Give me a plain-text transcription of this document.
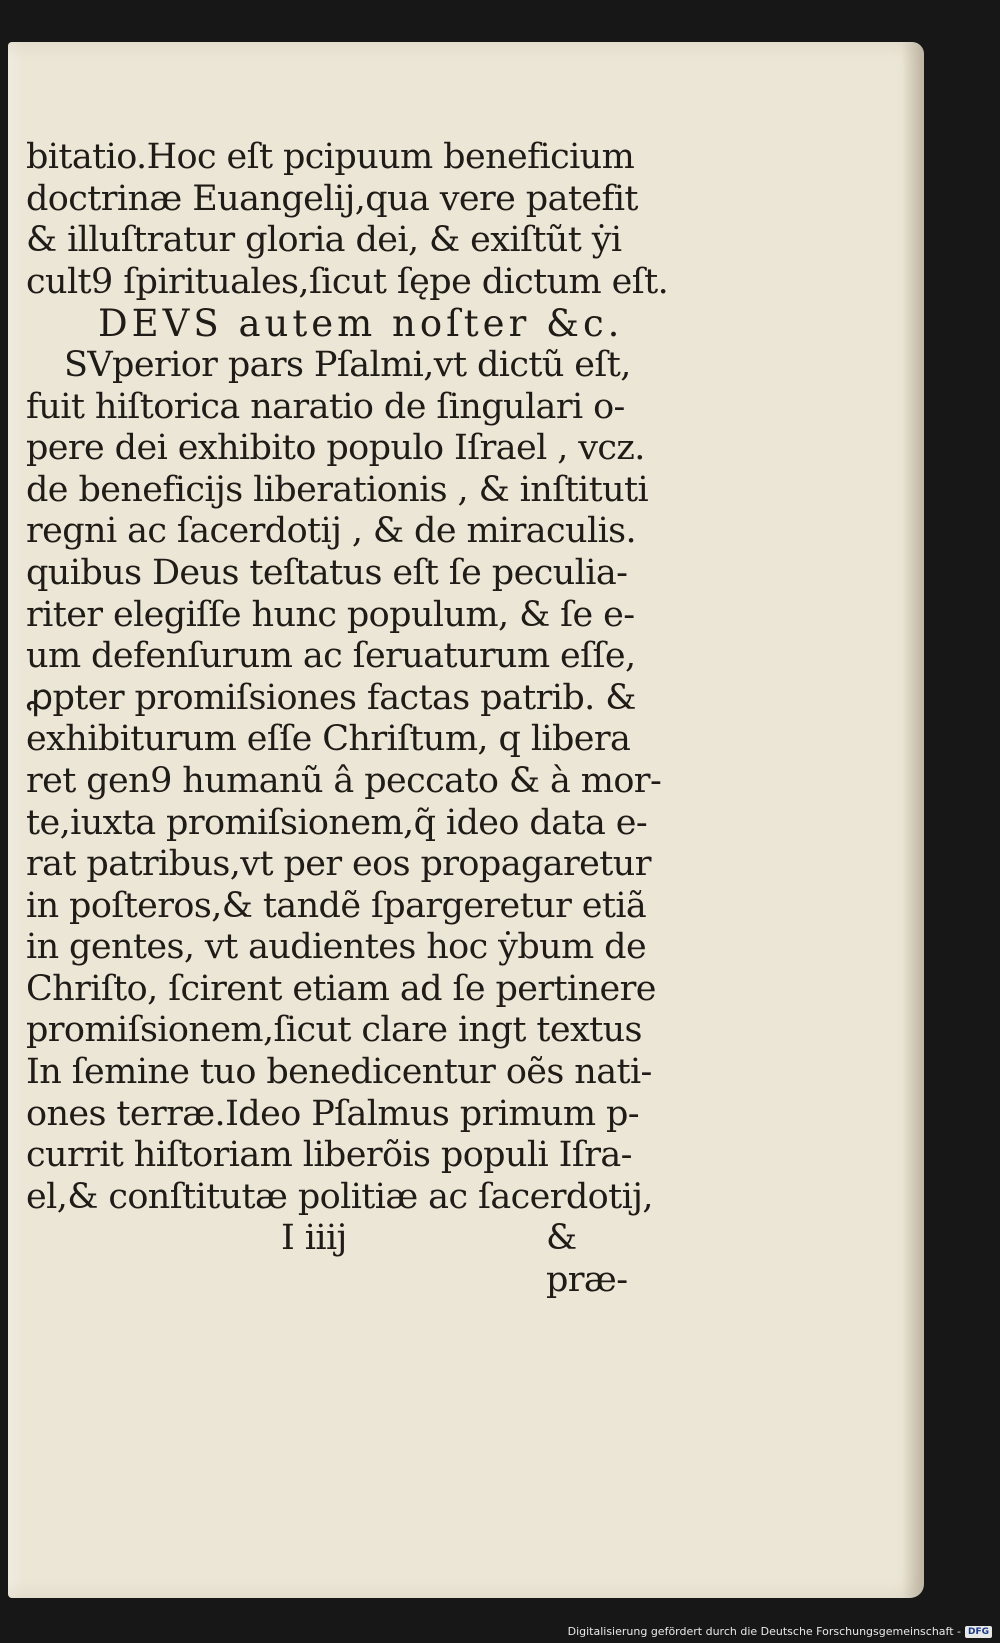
bitatio.Hoc eſt pcipuum beneficium
doctrinæ Euangelij,qua vere patefit
& illuſtratur gloria dei, & exiſtũt ẏi
cult9 ſpirituales,ſicut ſępe dictum eſt.
DEVS autem noſter &c.
SVperior pars Pſalmi,vt dictũ eſt,
fuit hiſtorica naratio de ſingulari o-
pere dei exhibito populo Iſrael , vcz.
de beneficijs liberationis , & inſtituti
regni ac ſacerdotij , & de miraculis.
quibus Deus teſtatus eſt ſe peculia-
riter elegiſſe hunc populum, & ſe e-
um defenſurum ac ſeruaturum eſſe,
ꝓpter promiſsiones factas patrib. &
exhibiturum eſſe Chriſtum, q libera
ret gen9 humanũ â peccato & à mor-
te,iuxta promiſsionem,q̃ ideo data e-
rat patribus,vt per eos propagaretur
in poſteros,& tandẽ ſpargeretur etiã
in gentes, vt audientes hoc ẏbum de
Chriſto, ſcirent etiam ad ſe pertinere
promiſsionem,ſicut clare ingt textus
In ſemine tuo benedicentur oẽs nati-
ones terræ.Ideo Pſalmus primum p-
currit hiſtoriam liberõis populi Iſra-
el,& conſtitutæ politiæ ac ſacerdotij,
I iiij	& præ-
Digitalisierung gefördert durch die Deutsche Forschungsgemeinschaft - DFG
